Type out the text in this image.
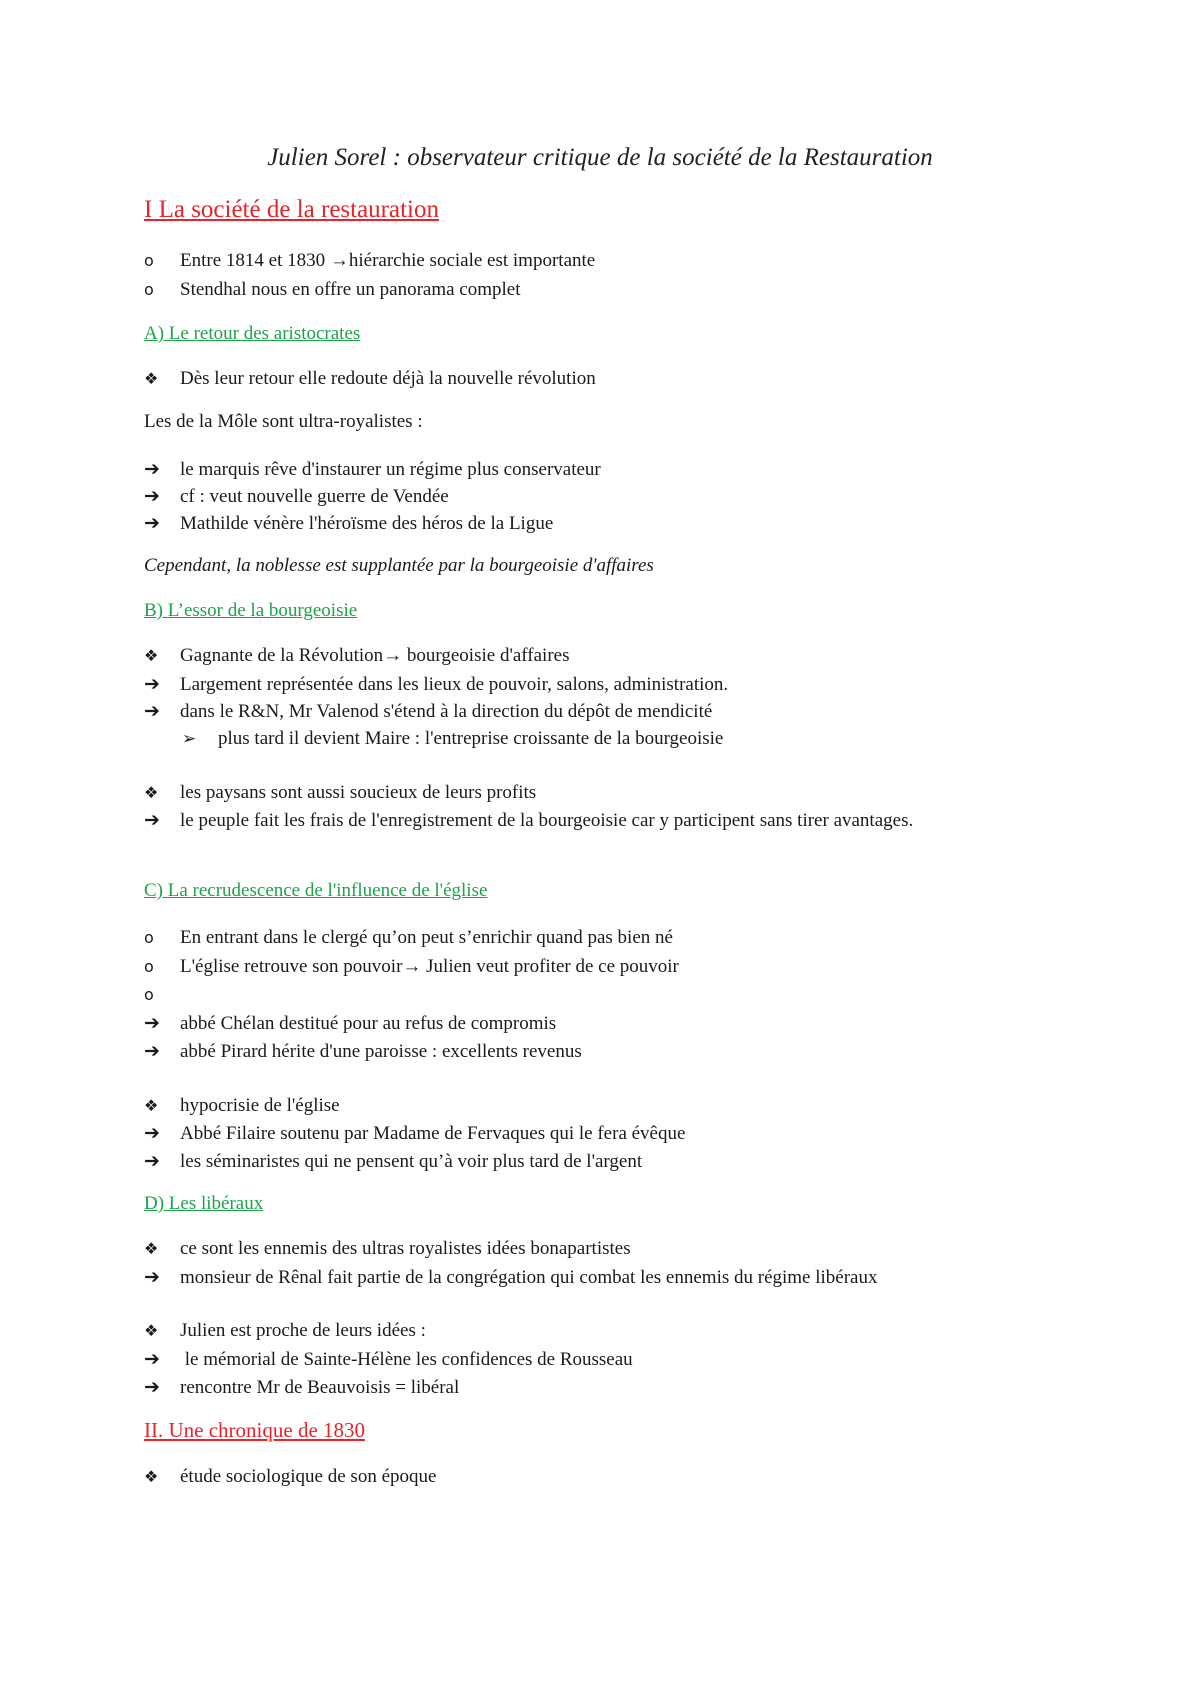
Julien Sorel : observateur critique de la société de la Restauration
I La société de la restauration
o Entre 1814 et 1830 →hiérarchie sociale est importante
o Stendhal nous en offre un panorama complet
A) Le retour des aristocrates
❖ Dès leur retour elle redoute déjà la nouvelle révolution
Les de la Môle sont ultra-royalistes :
➔ le marquis rêve d'instaurer un régime plus conservateur
➔ cf : veut nouvelle guerre de Vendée
➔ Mathilde vénère l'héroïsme des héros de la Ligue
Cependant, la noblesse est supplantée par la bourgeoisie d'affaires
B) L’essor de la bourgeoisie
❖ Gagnante de la Révolution→ bourgeoisie d'affaires
➔ Largement représentée dans les lieux de pouvoir, salons, administration.
➔ dans le R&N, Mr Valenod s'étend à la direction du dépôt de mendicité
➢ plus tard il devient Maire : l'entreprise croissante de la bourgeoisie
❖ les paysans sont aussi soucieux de leurs profits
➔ le peuple fait les frais de l'enregistrement de la bourgeoisie car y participent sans tirer avantages.
C) La recrudescence de l'influence de l'église
o En entrant dans le clergé qu’on peut s’enrichir quand pas bien né
o L'église retrouve son pouvoir→ Julien veut profiter de ce pouvoir
o
➔ abbé Chélan destitué pour au refus de compromis
➔ abbé Pirard hérite d'une paroisse : excellents revenus
❖ hypocrisie de l'église
➔ Abbé Filaire soutenu par Madame de Fervaques qui le fera évêque
➔ les séminaristes qui ne pensent qu’à voir plus tard de l'argent
D) Les libéraux
❖ ce sont les ennemis des ultras royalistes idées bonapartistes
➔ monsieur de Rênal fait partie de la congrégation qui combat les ennemis du régime libéraux
❖ Julien est proche de leurs idées :
➔ le mémorial de Sainte-Hélène les confidences de Rousseau
➔ rencontre Mr de Beauvoisis = libéral
II. Une chronique de 1830
❖ étude sociologique de son époque
